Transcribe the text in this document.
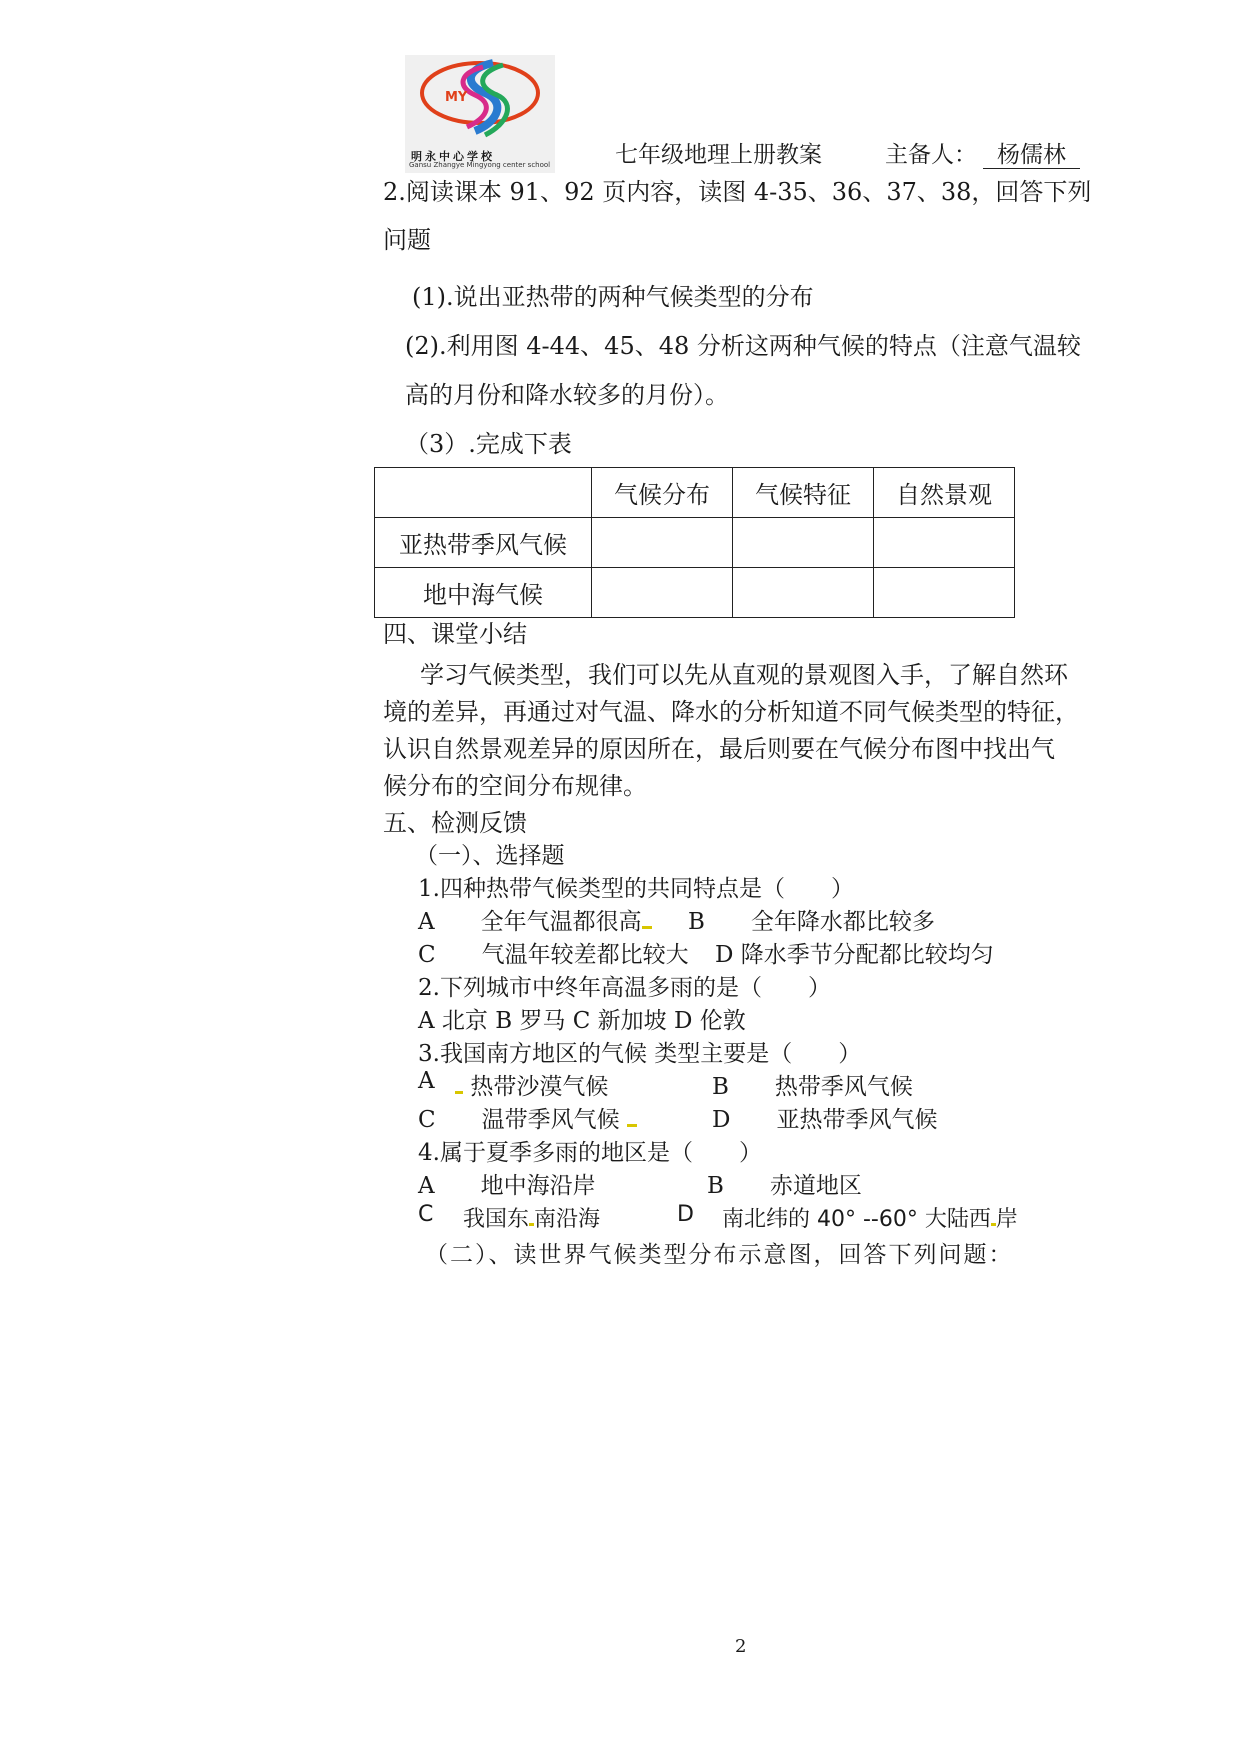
MY
明永中心学校
Gansu Zhangye Mingyong center school	七年级地理上册教案	主备人： 杨儒林
2.阅读课本 91、92 页内容，读图 4-35、36、37、38，回答下列
问题
(1).说出亚热带的两种气候类型的分布
(2).利用图 4-44、45、48 分析这两种气候的特点（注意气温较
高的月份和降水较多的月份）。
（3）.完成下表
	气候分布	气候特征	自然景观
亚热带季风气候			
地中海气候			
四、课堂小结
学习气候类型，我们可以先从直观的景观图入手，了解自然环
境的差异，再通过对气温、降水的分析知道不同气候类型的特征，
认识自然景观差异的原因所在，最后则要在气候分布图中找出气
候分布的空间分布规律。
五、检测反馈
（一）、选择题
1.四种热带气候类型的共同特点是（　　）
A　　全年气温都很高	B　　全年降水都比较多
C　　气温年较差都比较大 D 降水季节分配都比较均匀
2.下列城市中终年高温多雨的是（　　）
A 北京 B 罗马 C 新加坡 D 伦敦
3.我国南方地区的气候 类型主要是（　　）
A	热带沙漠气候	B　　热带季风气候
C　　温带季风气候	D　　亚热带季风气候
4.属于夏季多雨的地区是（　　）
A　　地中海沿岸	B　　赤道地区
C 我国东 南沿海	D 南北纬的 40° --60° 大陆西 岸
（二）、读世界气候类型分布示意图，回答下列问题：
2
